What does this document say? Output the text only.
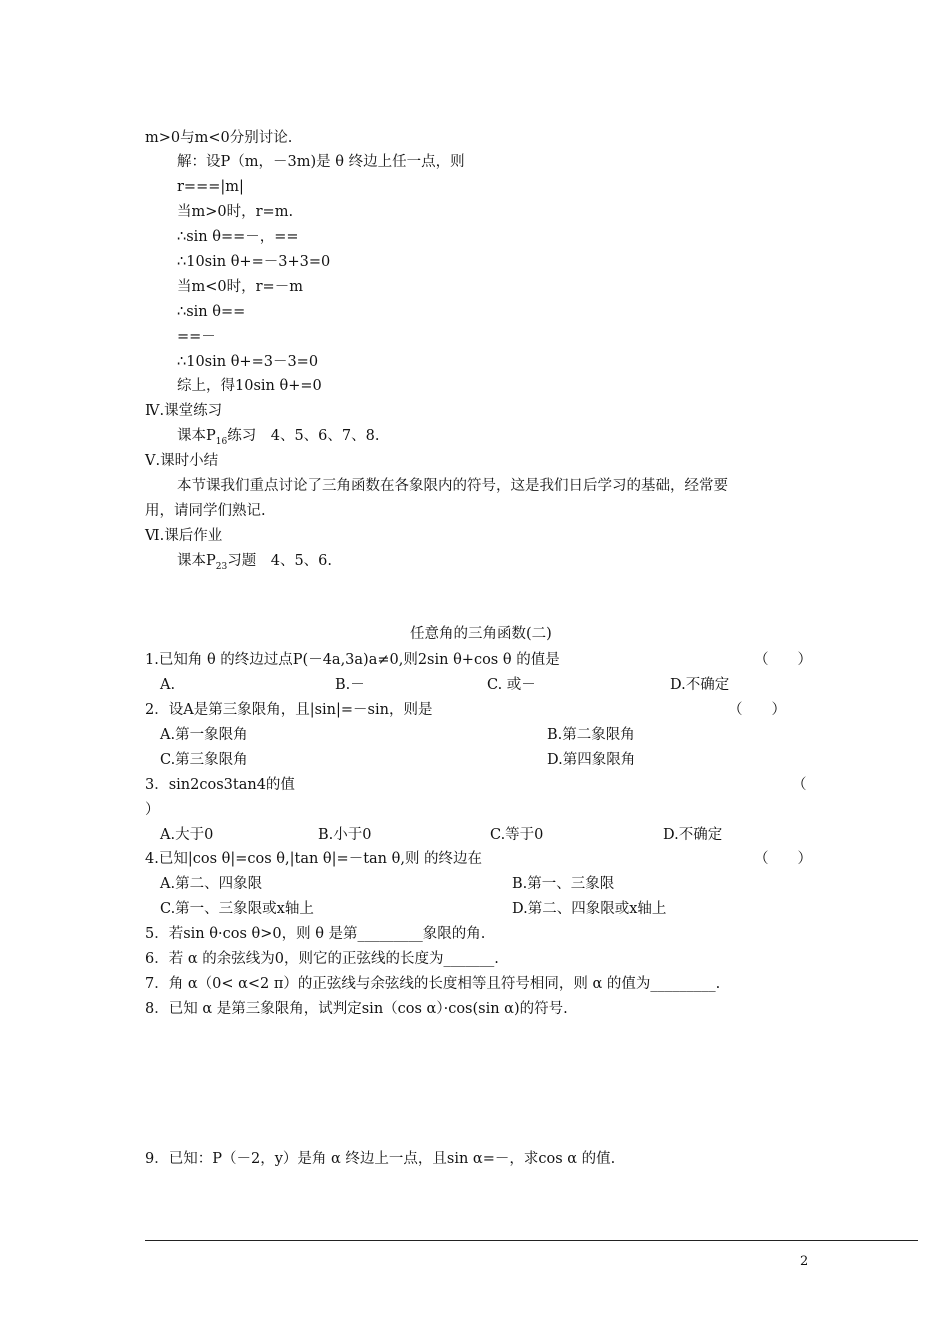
m>0与m<0分别讨论.
解：设P（m，－3m)是 θ 终边上任一点，则
r===|m|
当m>0时，r=m.
∴sin θ==－，==
∴10sin θ+=－3+3=0
当m<0时，r=－m
∴sin θ==
==－
∴10sin θ+=3－3=0
综上，得10sin θ+=0
Ⅳ.课堂练习
课本$P_{16}$练习　4、5、6、7、8.
Ⅴ.课时小结
本节课我们重点讨论了三角函数在各象限内的符号，这是我们日后学习的基础，经常要
用，请同学们熟记.
Ⅵ.课后作业
课本$P_{23}$习题　4、5、6.
任意角的三角函数(二)
1.已知角 θ 的终边过点P(－4a,3a)a≠0,则2sin θ+cos θ 的值是	（　　）
A.	B.－	C. 或－	D.不确定
2．设A是第三象限角，且|sin|=－sin，则是	（　　）
A.第一象限角	B.第二象限角
C.第三象限角	D.第四象限角
3．sin2cos3tan4的值	（
）
A.大于0	B.小于0	C.等于0	D.不确定
4.已知|cos θ|=cos θ,|tan θ|=－tan θ,则 的终边在	（　　）
A.第二、四象限	B.第一、三象限
C.第一、三象限或x轴上	D.第二、四象限或x轴上
5．若sin θ·cos θ>0，则 θ 是第_________象限的角.
6．若 α 的余弦线为0，则它的正弦线的长度为_______.
7．角 α（0< α<2 π）的正弦线与余弦线的长度相等且符号相同，则 α 的值为_________.
8．已知 α 是第三象限角，试判定sin（cos α）·cos(sin α)的符号.
9．已知：P（－2，y）是角 α 终边上一点，且sin α=－，求cos α 的值.
2
